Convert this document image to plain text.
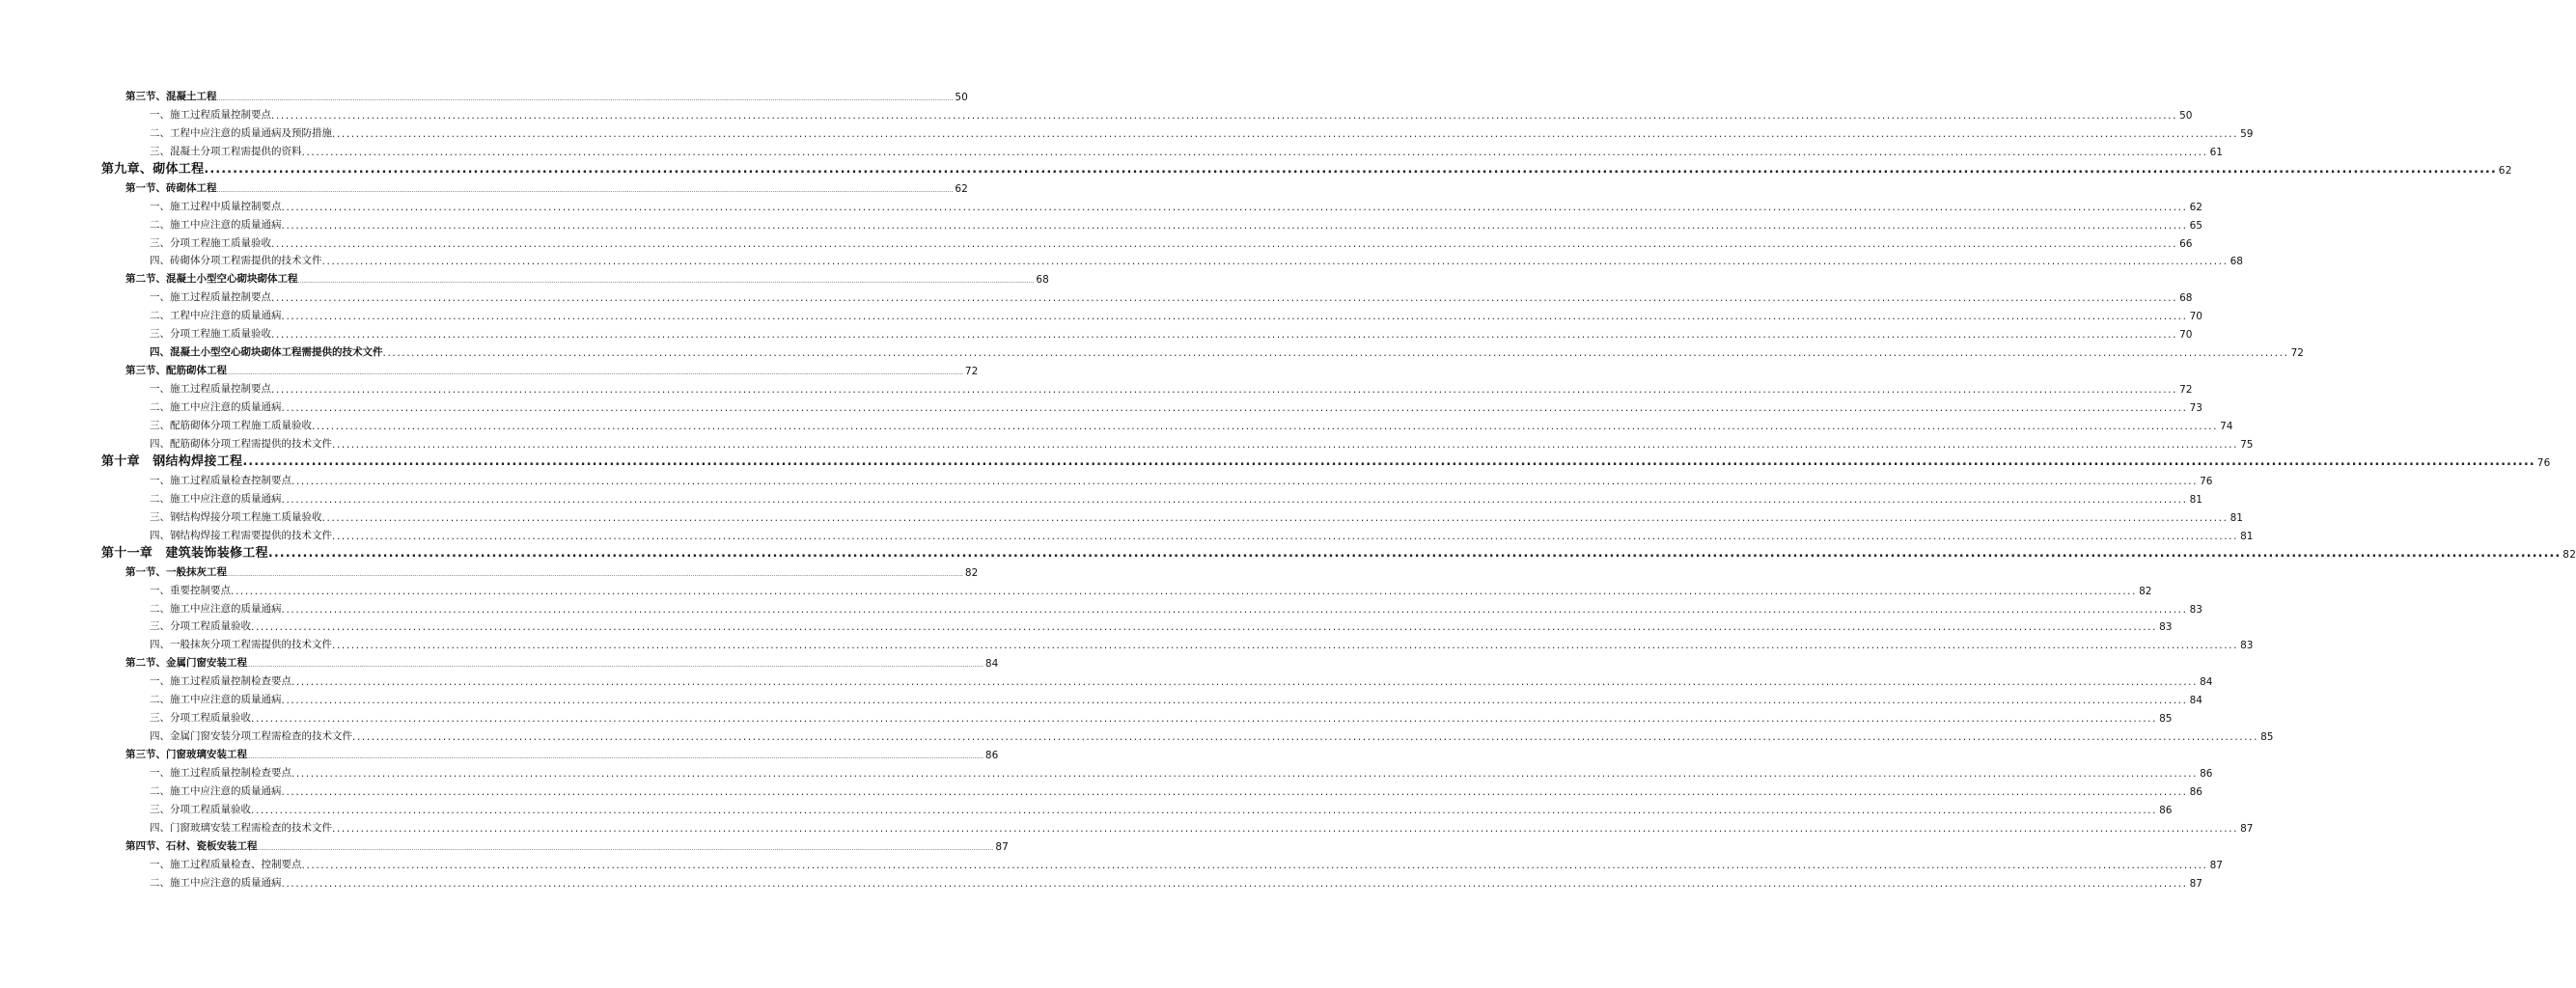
第三节、混凝土工程 ................................................................................................................................................................................................................................................................................................................................................................................................................ 50
一、施工过程质量控制要点 ................................................................................................................................................................................................................................................................................................................................................................................................................ 50
二、工程中应注意的质量通病及预防措施 ................................................................................................................................................................................................................................................................................................................................................................................................................ 59
三、混凝土分项工程需提供的资料 ................................................................................................................................................................................................................................................................................................................................................................................................................ 61
第九章、砌体工程 ................................................................................................................................................................................................................................................................................................................................................................................................................ 62
第一节、砖砌体工程 ................................................................................................................................................................................................................................................................................................................................................................................................................ 62
一、施工过程中质量控制要点 ................................................................................................................................................................................................................................................................................................................................................................................................................ 62
二、施工中应注意的质量通病 ................................................................................................................................................................................................................................................................................................................................................................................................................ 65
三、分项工程施工质量验收 ................................................................................................................................................................................................................................................................................................................................................................................................................ 66
四、砖砌体分项工程需提供的技术文件 ................................................................................................................................................................................................................................................................................................................................................................................................................ 68
第二节、混凝土小型空心砌块砌体工程 ................................................................................................................................................................................................................................................................................................................................................................................................................ 68
一、施工过程质量控制要点 ................................................................................................................................................................................................................................................................................................................................................................................................................ 68
二、工程中应注意的质量通病 ................................................................................................................................................................................................................................................................................................................................................................................................................ 70
三、分项工程施工质量验收 ................................................................................................................................................................................................................................................................................................................................................................................................................ 70
四、混凝土小型空心砌块砌体工程需提供的技术文件 ................................................................................................................................................................................................................................................................................................................................................................................................................ 72
第三节、配筋砌体工程 ................................................................................................................................................................................................................................................................................................................................................................................................................ 72
一、施工过程质量控制要点 ................................................................................................................................................................................................................................................................................................................................................................................................................ 72
二、施工中应注意的质量通病 ................................................................................................................................................................................................................................................................................................................................................................................................................ 73
三、配筋砌体分项工程施工质量验收 ................................................................................................................................................................................................................................................................................................................................................................................................................ 74
四、配筋砌体分项工程需提供的技术文件 ................................................................................................................................................................................................................................................................................................................................................................................................................ 75
第十章　钢结构焊接工程 ................................................................................................................................................................................................................................................................................................................................................................................................................ 76
一、施工过程质量检查控制要点 ................................................................................................................................................................................................................................................................................................................................................................................................................ 76
二、施工中应注意的质量通病 ................................................................................................................................................................................................................................................................................................................................................................................................................ 81
三、钢结构焊接分项工程施工质量验收 ................................................................................................................................................................................................................................................................................................................................................................................................................ 81
四、钢结构焊接工程需要提供的技术文件 ................................................................................................................................................................................................................................................................................................................................................................................................................ 81
第十一章　建筑装饰装修工程 ................................................................................................................................................................................................................................................................................................................................................................................................................ 82
第一节、一般抹灰工程 ................................................................................................................................................................................................................................................................................................................................................................................................................ 82
一、重要控制要点 ................................................................................................................................................................................................................................................................................................................................................................................................................ 82
二、施工中应注意的质量通病 ................................................................................................................................................................................................................................................................................................................................................................................................................ 83
三、分项工程质量验收 ................................................................................................................................................................................................................................................................................................................................................................................................................ 83
四、一般抹灰分项工程需提供的技术文件 ................................................................................................................................................................................................................................................................................................................................................................................................................ 83
第二节、金属门窗安装工程 ................................................................................................................................................................................................................................................................................................................................................................................................................ 84
一、施工过程质量控制检查要点 ................................................................................................................................................................................................................................................................................................................................................................................................................ 84
二、施工中应注意的质量通病 ................................................................................................................................................................................................................................................................................................................................................................................................................ 84
三、分项工程质量验收 ................................................................................................................................................................................................................................................................................................................................................................................................................ 85
四、金属门窗安装分项工程需检查的技术文件 ................................................................................................................................................................................................................................................................................................................................................................................................................ 85
第三节、门窗玻璃安装工程 ................................................................................................................................................................................................................................................................................................................................................................................................................ 86
一、施工过程质量控制检查要点 ................................................................................................................................................................................................................................................................................................................................................................................................................ 86
二、施工中应注意的质量通病 ................................................................................................................................................................................................................................................................................................................................................................................................................ 86
三、分项工程质量验收 ................................................................................................................................................................................................................................................................................................................................................................................................................ 86
四、门窗玻璃安装工程需检查的技术文件 ................................................................................................................................................................................................................................................................................................................................................................................................................ 87
第四节、石材、瓷板安装工程 ................................................................................................................................................................................................................................................................................................................................................................................................................ 87
一、施工过程质量检查、控制要点 ................................................................................................................................................................................................................................................................................................................................................................................................................ 87
二、施工中应注意的质量通病 ................................................................................................................................................................................................................................................................................................................................................................................................................ 87
